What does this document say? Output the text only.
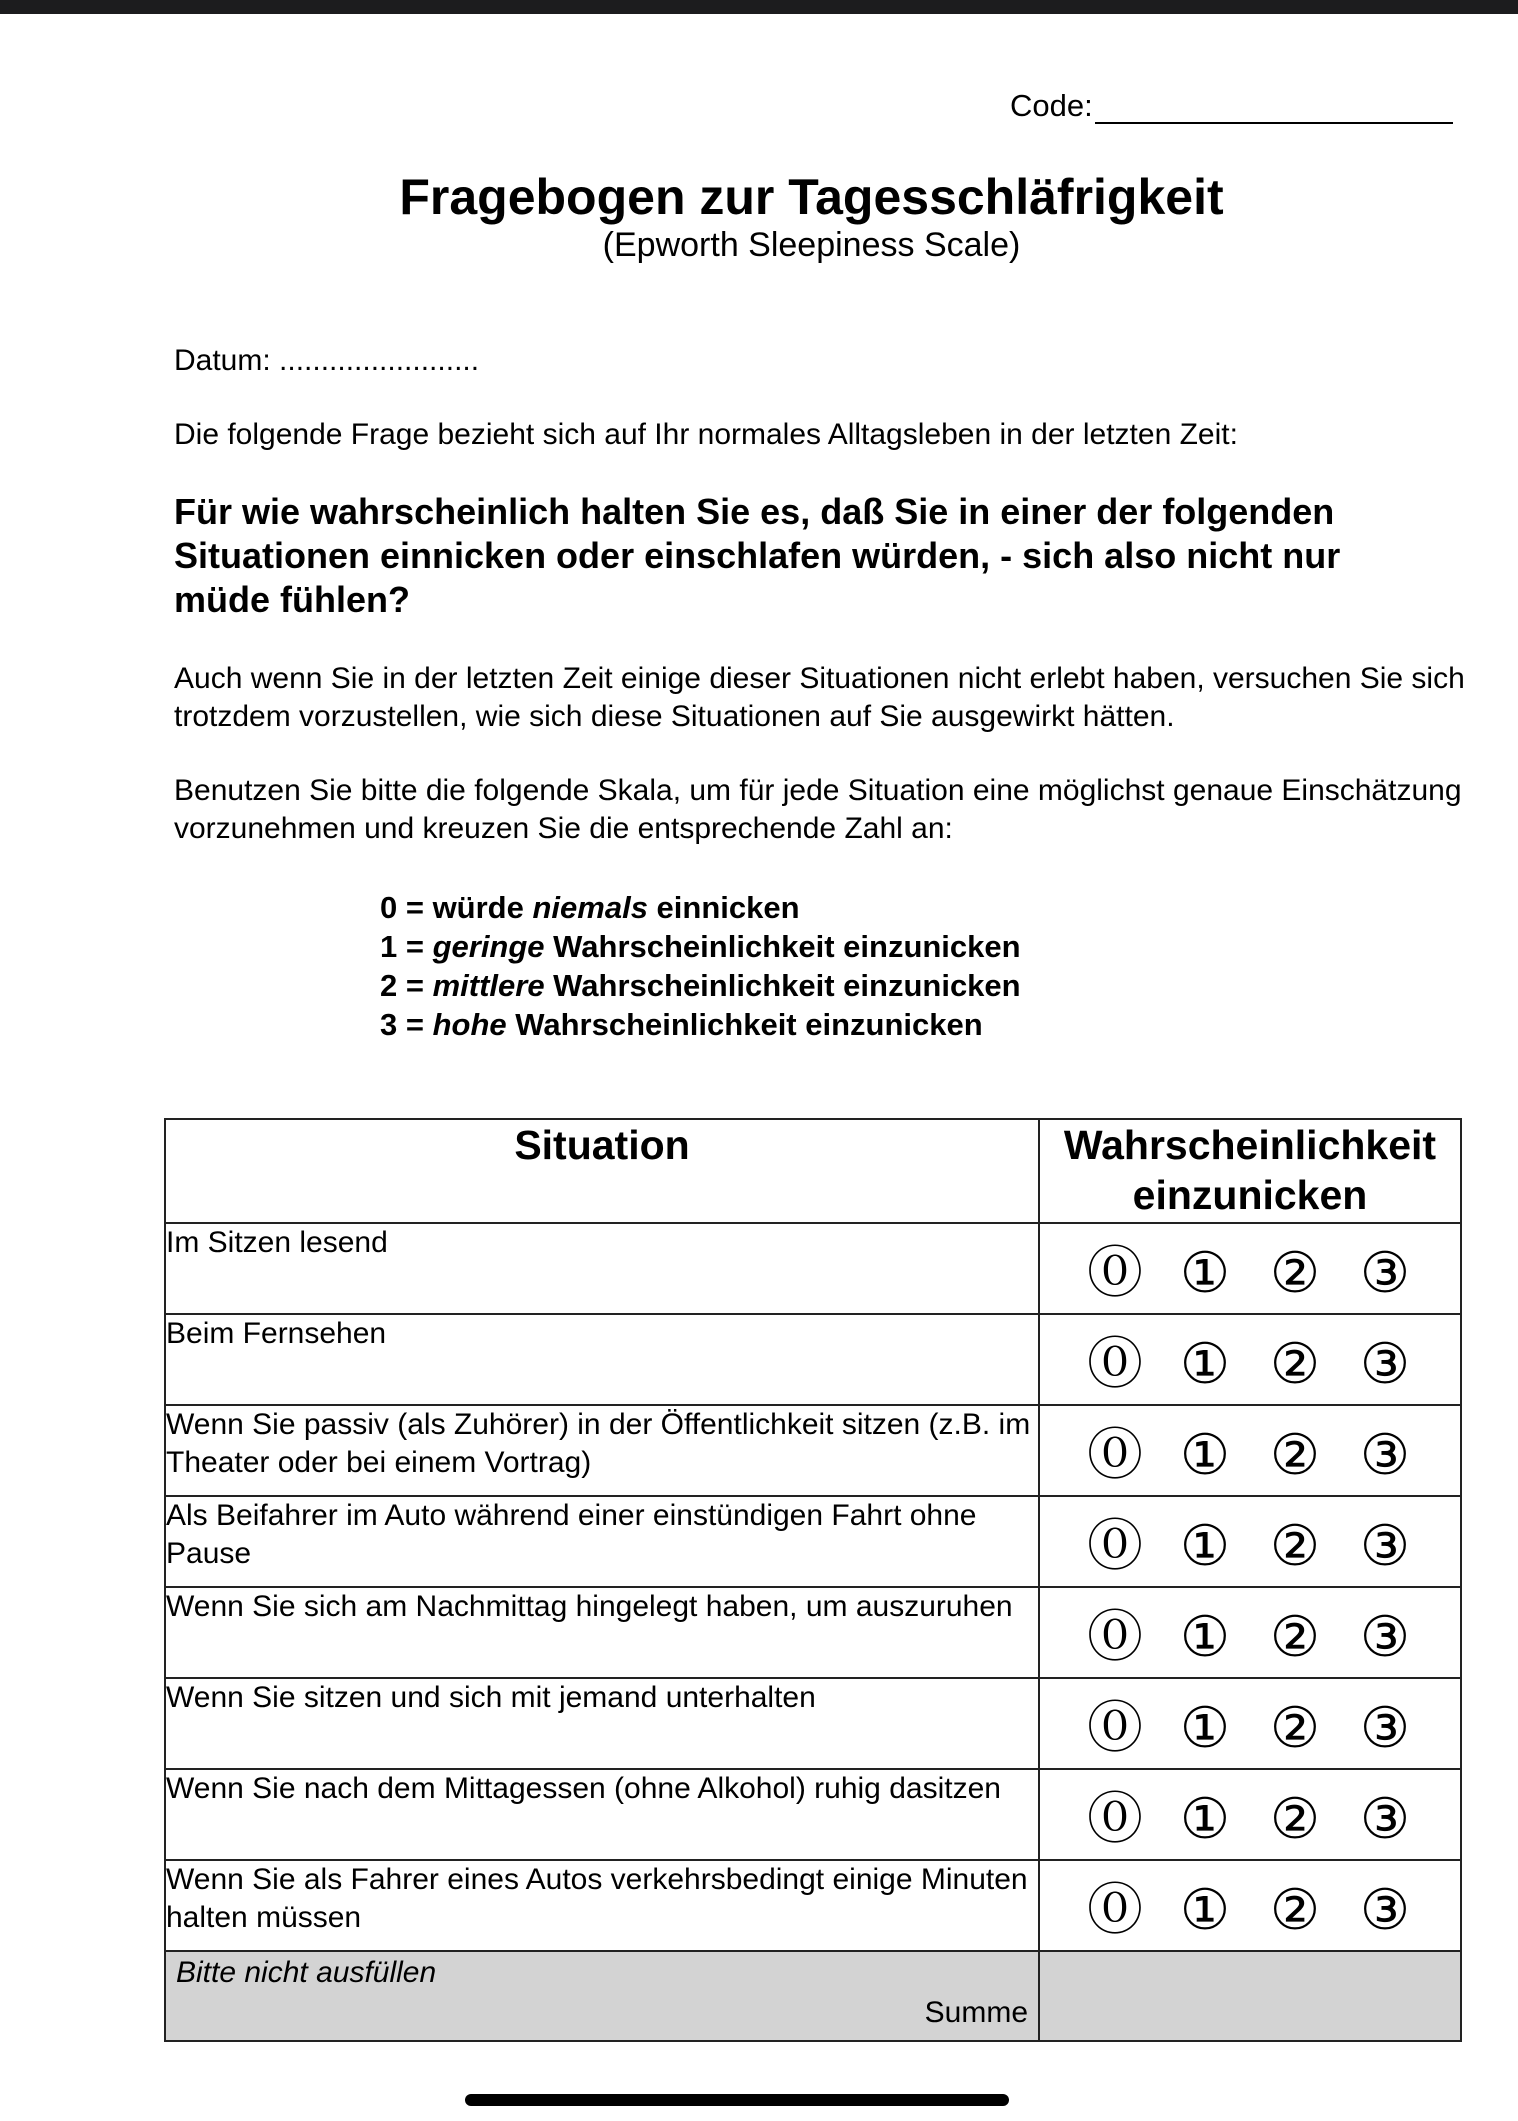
Code:
Fragebogen zur Tagesschläfrigkeit
(Epworth Sleepiness Scale)
Datum: ........................
Die folgende Frage bezieht sich auf Ihr normales Alltagsleben in der letzten Zeit:
Für wie wahrscheinlich halten Sie es, daß Sie in einer der folgenden Situationen einnicken oder einschlafen würden, - sich also nicht nur müde fühlen?
Auch wenn Sie in der letzten Zeit einige dieser Situationen nicht erlebt haben, versuchen Sie sich trotzdem vorzustellen, wie sich diese Situationen auf Sie ausgewirkt hätten.
Benutzen Sie bitte die folgende Skala, um für jede Situation eine möglichst genaue Einschätzung vorzunehmen und kreuzen Sie die entsprechende Zahl an:
0 = würde niemals einnicken
1 = geringe Wahrscheinlichkeit einzunicken
2 = mittlere Wahrscheinlichkeit einzunicken
3 = hohe Wahrscheinlichkeit einzunicken
Situation	Wahrscheinlichkeit einzunicken
Im Sitzen lesend	⓪ ① ② ③

Beim Fernsehen	⓪ ① ② ③

Wenn Sie passiv (als Zuhörer) in der Öffentlichkeit sitzen (z.B. im Theater oder bei einem Vortrag)	⓪ ① ② ③

Als Beifahrer im Auto während einer einstündigen Fahrt ohne Pause	⓪ ① ② ③

Wenn Sie sich am Nachmittag hingelegt haben, um auszuruhen	⓪ ① ② ③

Wenn Sie sitzen und sich mit jemand unterhalten	⓪ ① ② ③

Wenn Sie nach dem Mittagessen (ohne Alkohol) ruhig dasitzen	⓪ ① ② ③

Wenn Sie als Fahrer eines Autos verkehrsbedingt einige Minuten halten müssen	⓪ ① ② ③

Bitte nicht ausfüllen
Summe	
